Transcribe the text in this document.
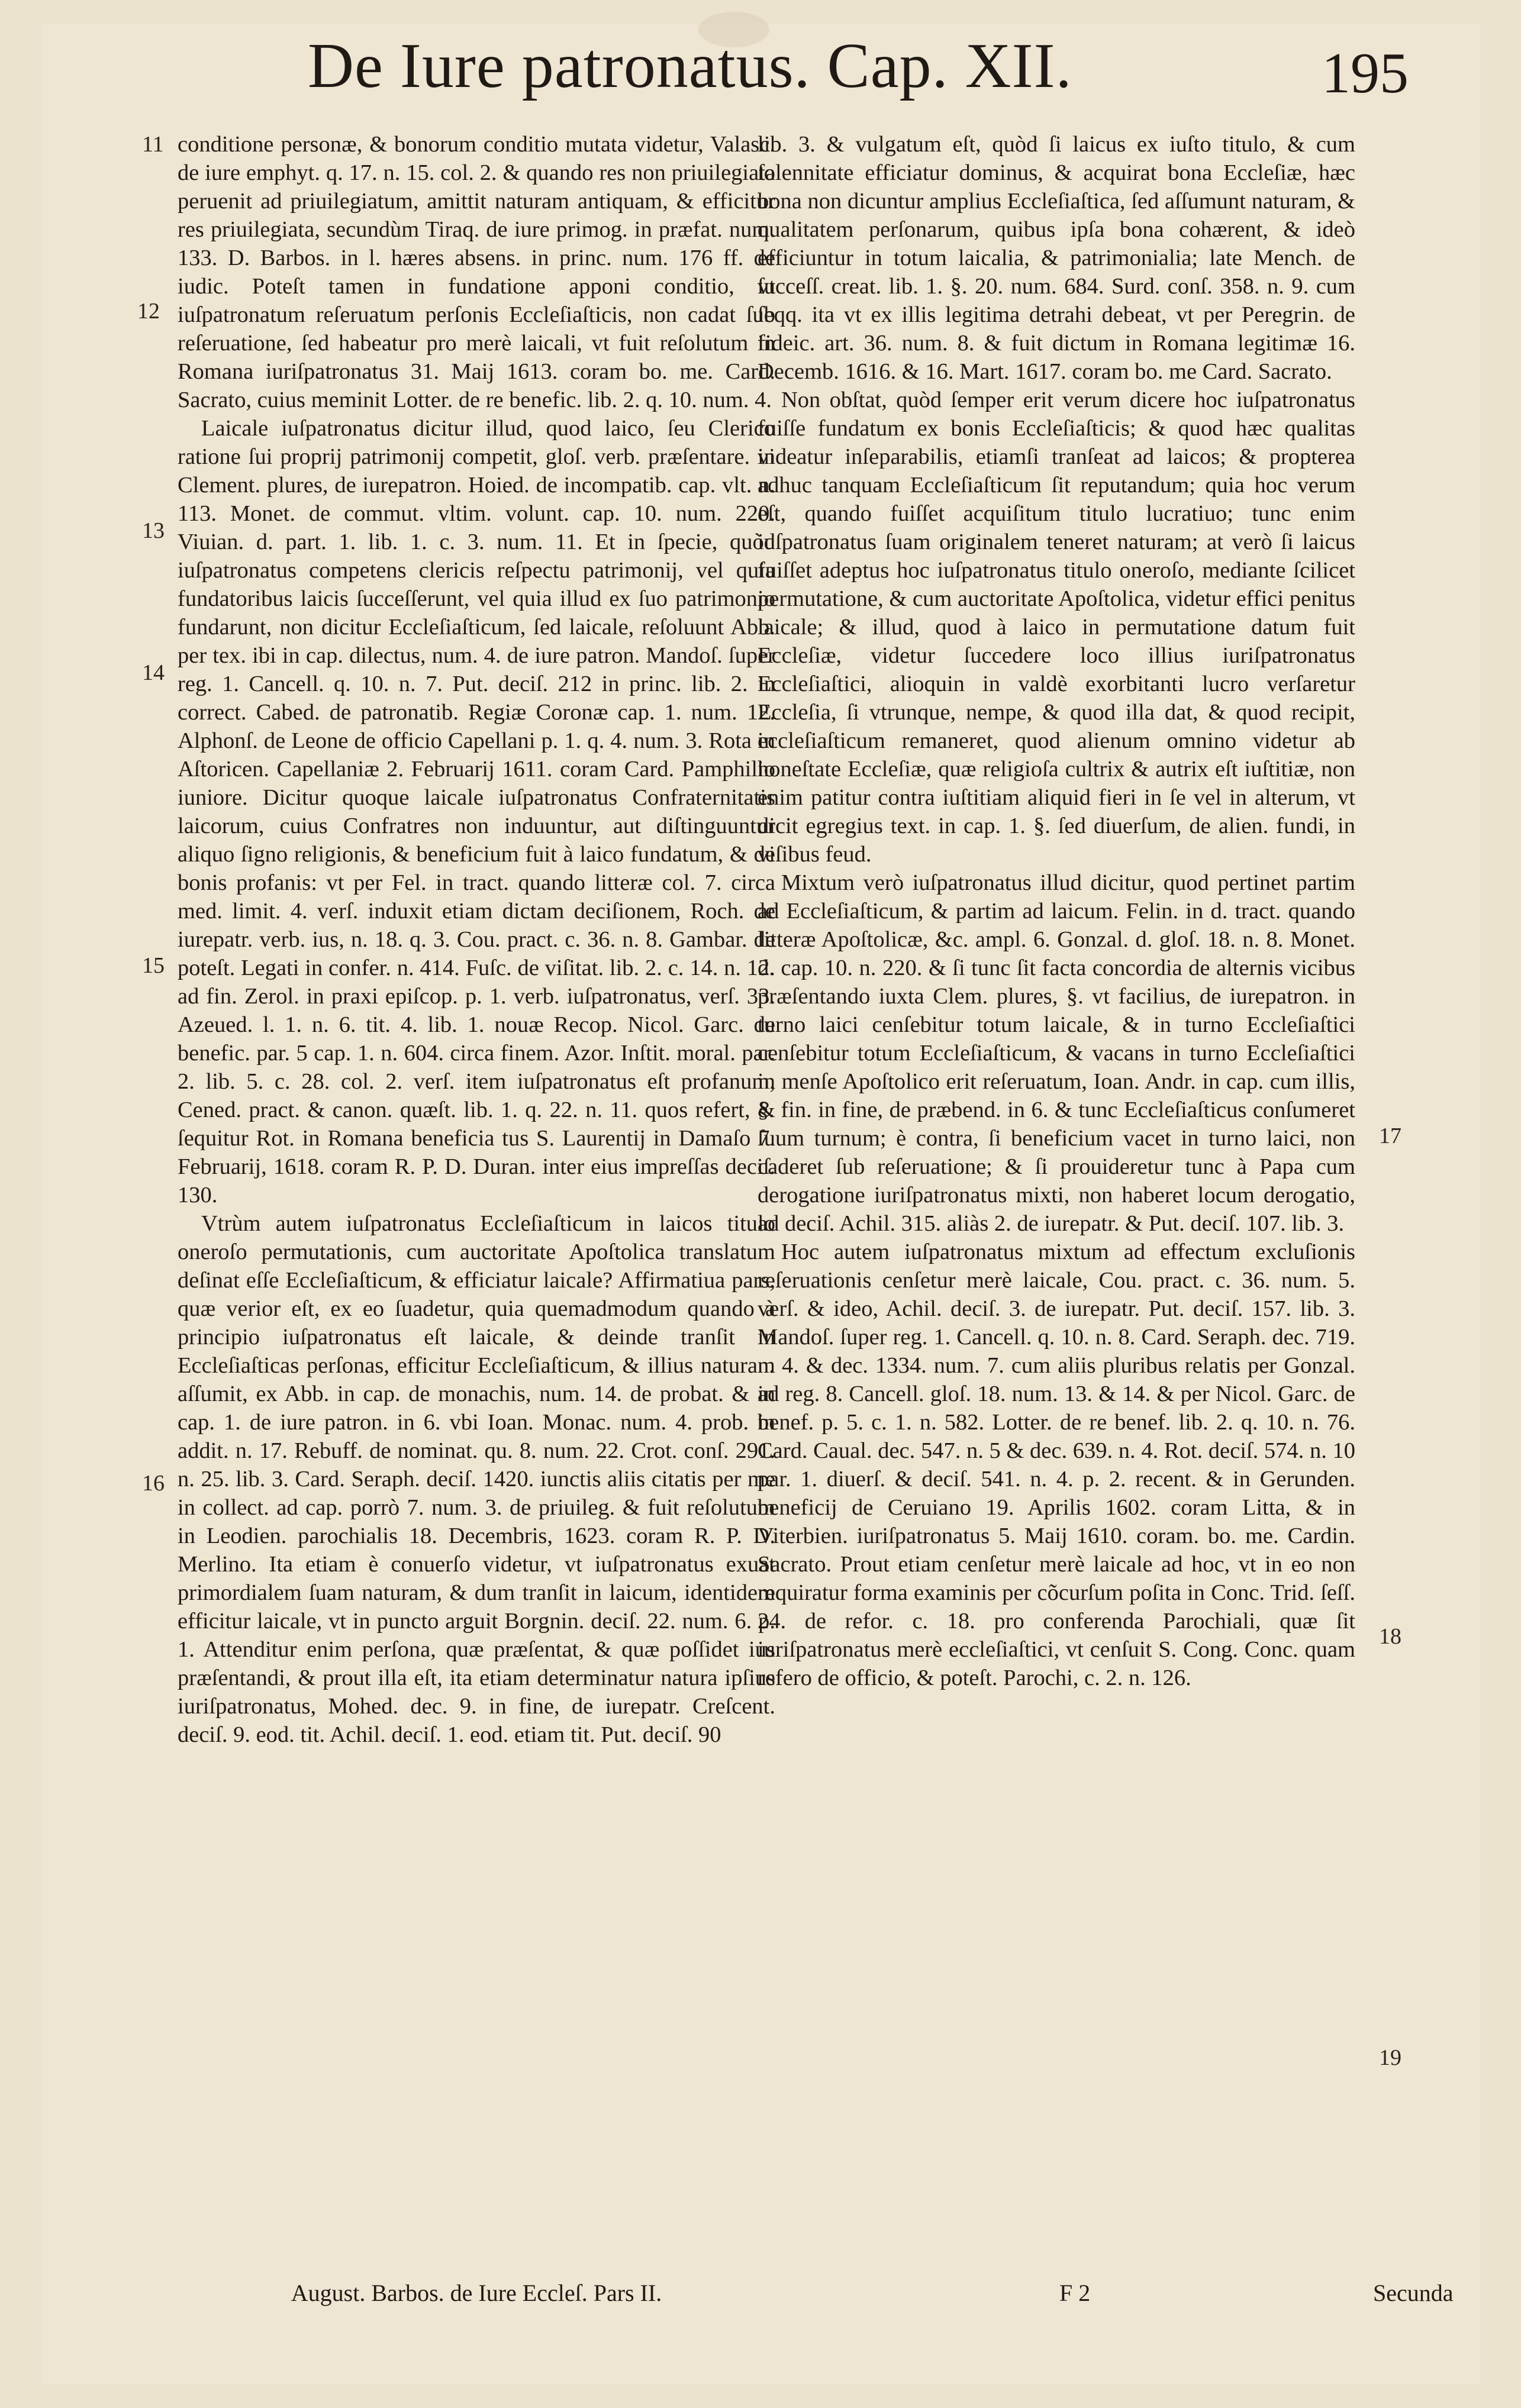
De Iure patronatus. Cap. XII.	195
11
12
13
14
15
16
17
18
19

conditione personæ, & bonorum conditio mutata videtur, Valasc. de iure emphyt. q. 17. n. 15. col. 2. & quando res non priuilegiata peruenit ad priuilegiatum, amittit naturam antiquam, & efficitur res priuilegiata, secundùm Tiraq. de iure primog. in præfat. num. 133. D. Barbos. in l. hæres absens. in princ. num. 176 ff. de iudic. Poteſt tamen in fundatione apponi conditio, vt iuſpatronatum reſeruatum perſonis Eccleſiaſticis, non cadat ſub reſeruatione, ſed habeatur pro merè laicali, vt fuit reſolutum in Romana iuriſpatronatus 31. Maij 1613. coram bo. me. Card. Sacrato, cuius meminit Lotter. de re benefic. lib. 2. q. 10. num. 4.

Laicale iuſpatronatus dicitur illud, quod laico, ſeu Clerico ratione ſui proprij patrimonij competit, gloſ. verb. præſentare. in Clement. plures, de iurepatron. Hoied. de incompatib. cap. vlt. n. 113. Monet. de commut. vltim. volunt. cap. 10. num. 220. Viuian. d. part. 1. lib. 1. c. 3. num. 11. Et in ſpecie, quòd iuſpatronatus competens clericis reſpectu patrimonij, vel quia fundatoribus laicis ſucceſſerunt, vel quia illud ex ſuo patrimonio fundarunt, non dicitur Eccleſiaſticum, ſed laicale, reſoluunt Abb. per tex. ibi in cap. dilectus, num. 4. de iure patron. Mandoſ. ſuper reg. 1. Cancell. q. 10. n. 7. Put. deciſ. 212 in princ. lib. 2. in correct. Cabed. de patronatib. Regiæ Coronæ cap. 1. num. 12. Alphonſ. de Leone de officio Capellani p. 1. q. 4. num. 3. Rota in Aſtoricen. Capellaniæ 2. Februarij 1611. coram Card. Pamphilio iuniore. Dicitur quoque laicale iuſpatronatus Confraternitatis laicorum, cuius Confratres non induuntur, aut diſtinguuntur aliquo ſigno religionis, & beneficium fuit à laico fundatum, & de bonis profanis: vt per Fel. in tract. quando litteræ col. 7. circa med. limit. 4. verſ. induxit etiam dictam deciſionem, Roch. de iurepatr. verb. ius, n. 18. q. 3. Cou. pract. c. 36. n. 8. Gambar. de poteſt. Legati in confer. n. 414. Fuſc. de viſitat. lib. 2. c. 14. n. 12. ad fin. Zerol. in praxi epiſcop. p. 1. verb. iuſpatronatus, verſ. 33. Azeued. l. 1. n. 6. tit. 4. lib. 1. nouæ Recop. Nicol. Garc. de benefic. par. 5 cap. 1. n. 604. circa finem. Azor. Inſtit. moral. par. 2. lib. 5. c. 28. col. 2. verſ. item iuſpatronatus eſt profanum, Cened. pract. & canon. quæſt. lib. 1. q. 22. n. 11. quos refert, & ſequitur Rot. in Romana beneficia tus S. Laurentij in Damaſo 7. Februarij, 1618. coram R. P. D. Duran. inter eius impreſſas deciſ. 130.

Vtrùm autem iuſpatronatus Eccleſiaſticum in laicos titulo oneroſo permutationis, cum auctoritate Apoſtolica translatum deſinat eſſe Eccleſiaſticum, & efficiatur laicale? Affirmatiua pars, quæ verior eſt, ex eo ſuadetur, quia quemadmodum quando à principio iuſpatronatus eſt laicale, & deinde tranſit in Eccleſiaſticas perſonas, efficitur Eccleſiaſticum, & illius naturam aſſumit, ex Abb. in cap. de monachis, num. 14. de probat. & in cap. 1. de iure patron. in 6. vbi Ioan. Monac. num. 4. prob. in addit. n. 17. Rebuff. de nominat. qu. 8. num. 22. Crot. conſ. 291. n. 25. lib. 3. Card. Seraph. deciſ. 1420. iunctis aliis citatis per me in collect. ad cap. porrò 7. num. 3. de priuileg. & fuit reſolutum in Leodien. parochialis 18. Decembris, 1623. coram R. P. D. Merlino. Ita etiam è conuerſo videtur, vt iuſpatronatus exuat primordialem ſuam naturam, & dum tranſit in laicum, identidem efficitur laicale, vt in puncto arguit Borgnin. deciſ. 22. num. 6. p. 1. Attenditur enim perſona, quæ præſentat, & quæ poſſidet ius præſentandi, & prout illa eſt, ita etiam determinatur natura ipſius iuriſpatronatus, Mohed. dec. 9. in fine, de iurepatr. Creſcent. deciſ. 9. eod. tit. Achil. deciſ. 1. eod. etiam tit. Put. deciſ. 90

lib. 3. & vulgatum eſt, quòd ſi laicus ex iuſto titulo, & cum ſolennitate efficiatur dominus, & acquirat bona Eccleſiæ, hæc bona non dicuntur amplius Eccleſiaſtica, ſed aſſumunt naturam, & qualitatem perſonarum, quibus ipſa bona cohærent, & ideò efficiuntur in totum laicalia, & patrimonialia; late Mench. de ſucceſſ. creat. lib. 1. §. 20. num. 684. Surd. conſ. 358. n. 9. cum ſeqq. ita vt ex illis legitima detrahi debeat, vt per Peregrin. de fideic. art. 36. num. 8. & fuit dictum in Romana legitimæ 16. Decemb. 1616. & 16. Mart. 1617. coram bo. me Card. Sacrato.

Non obſtat, quòd ſemper erit verum dicere hoc iuſpatronatus fuiſſe fundatum ex bonis Eccleſiaſticis; & quod hæc qualitas videatur inſeparabilis, etiamſi tranſeat ad laicos; & propterea adhuc tanquam Eccleſiaſticum ſit reputandum; quia hoc verum eſt, quando fuiſſet acquiſitum titulo lucratiuo; tunc enim iuſpatronatus ſuam originalem teneret naturam; at verò ſi laicus fuiſſet adeptus hoc iuſpatronatus titulo oneroſo, mediante ſcilicet permutatione, & cum auctoritate Apoſtolica, videtur effici penitus laicale; & illud, quod à laico in permutatione datum fuit Eccleſiæ, videtur ſuccedere loco illius iuriſpatronatus Eccleſiaſtici, alioquin in valdè exorbitanti lucro verſaretur Eccleſia, ſi vtrunque, nempe, & quod illa dat, & quod recipit, eccleſiaſticum remaneret, quod alienum omnino videtur ab honeſtate Eccleſiæ, quæ religioſa cultrix & autrix eſt iuſtitiæ, non enim patitur contra iuſtitiam aliquid fieri in ſe vel in alterum, vt dicit egregius text. in cap. 1. §. ſed diuerſum, de alien. fundi, in viſibus feud.

Mixtum verò iuſpatronatus illud dicitur, quod pertinet partim ad Eccleſiaſticum, & partim ad laicum. Felin. in d. tract. quando litteræ Apoſtolicæ, &c. ampl. 6. Gonzal. d. gloſ. 18. n. 8. Monet. d. cap. 10. n. 220. & ſi tunc ſit facta concordia de alternis vicibus præſentando iuxta Clem. plures, §. vt facilius, de iurepatron. in turno laici cenſebitur totum laicale, & in turno Eccleſiaſtici cenſebitur totum Eccleſiaſticum, & vacans in turno Eccleſiaſtici in menſe Apoſtolico erit reſeruatum, Ioan. Andr. in cap. cum illis, §. fin. in fine, de præbend. in 6. & tunc Eccleſiaſticus conſumeret ſuum turnum; è contra, ſi beneficium vacet in turno laici, non caderet ſub reſeruatione; & ſi prouideretur tunc à Papa cum derogatione iuriſpatronatus mixti, non haberet locum derogatio, ad deciſ. Achil. 315. aliàs 2. de iurepatr. & Put. deciſ. 107. lib. 3.

Hoc autem iuſpatronatus mixtum ad effectum excluſionis reſeruationis cenſetur merè laicale, Cou. pract. c. 36. num. 5. verſ. & ideo, Achil. deciſ. 3. de iurepatr. Put. deciſ. 157. lib. 3. Mandoſ. ſuper reg. 1. Cancell. q. 10. n. 8. Card. Seraph. dec. 719. n. 4. & dec. 1334. num. 7. cum aliis pluribus relatis per Gonzal. ad reg. 8. Cancell. gloſ. 18. num. 13. & 14. & per Nicol. Garc. de benef. p. 5. c. 1. n. 582. Lotter. de re benef. lib. 2. q. 10. n. 76. Card. Caual. dec. 547. n. 5 & dec. 639. n. 4. Rot. deciſ. 574. n. 10 par. 1. diuerſ. & deciſ. 541. n. 4. p. 2. recent. & in Gerunden. beneficij de Ceruiano 19. Aprilis 1602. coram Litta, & in Viterbien. iuriſpatronatus 5. Maij 1610. coram. bo. me. Cardin. Sacrato. Prout etiam cenſetur merè laicale ad hoc, vt in eo non requiratur forma examinis per cõcurſum poſita in Conc. Trid. ſeſſ. 24. de refor. c. 18. pro conferenda Parochiali, quæ ſit iuriſpatronatus merè eccleſiaſtici, vt cenſuit S. Cong. Conc. quam refero de officio, & poteſt. Parochi, c. 2. n. 126.

August. Barbos. de Iure Eccleſ. Pars II.	F 2	Secunda
